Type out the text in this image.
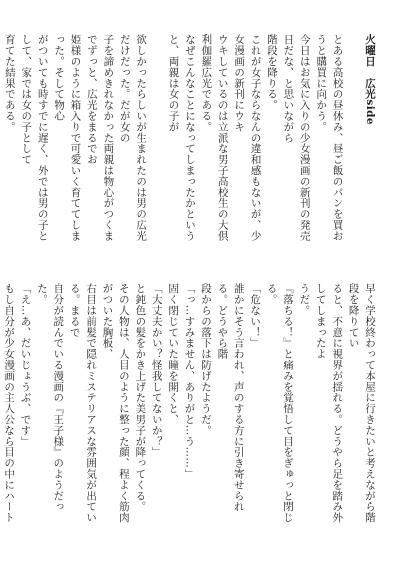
火曜日　広光side

とある高校の昼休み、昼ご飯のパンを買おうと購買に向かう。

今日はお気に入りの少女漫画の新刊の発売日だな、と思いながら

階段を降りる。

これが女子ならなんの違和感もないが、少女漫画の新刊にウキ

ウキしているのは立派な男子高校生の大倶利伽羅広光である。

なぜこんなことになってしまったかというと、両親は女の子が

欲しかったらしいが生まれたのは男の広光だけだった。だが女の

子を諦めきれなかった両親は物心がつくまでずっと、広光をまるでお

姫様のように箱入りで可愛いく育ててしまった。そして物心

がついても時すでに遅く、外では男の子として、家では女の子として

育てた結果である。

早く学校終わって本屋に行きたいと考えながら階段を降りてい

ると、不意に視界が揺れる。どうやら足を踏み外してしまったよ

うだ。

『落ちる！』と痛みを覚悟して目をぎゅっと閉じる。

「危ない！」

誰かにそう言われ、声のする方に引き寄せられる。どうやら階

段からの落下は防げたようだ。

「っ…すみません、ありがと…う……」

固く閉じていた瞳を開くと、

「大丈夫かい？怪我してないか？」

と鈍色の髪をかき上げた美男子が降ってくる。

その人物は、人目のように整った顔、程よく筋肉がついた胸板、

右目は前髪で隠れミステリアスな雰囲気が出ている。まるで

自分が読んでいる漫画の『王子様』のようだった。

「え…あ、だいじょうぶ、です」

もし自分が少女漫画の主人公なら目の中にハート
